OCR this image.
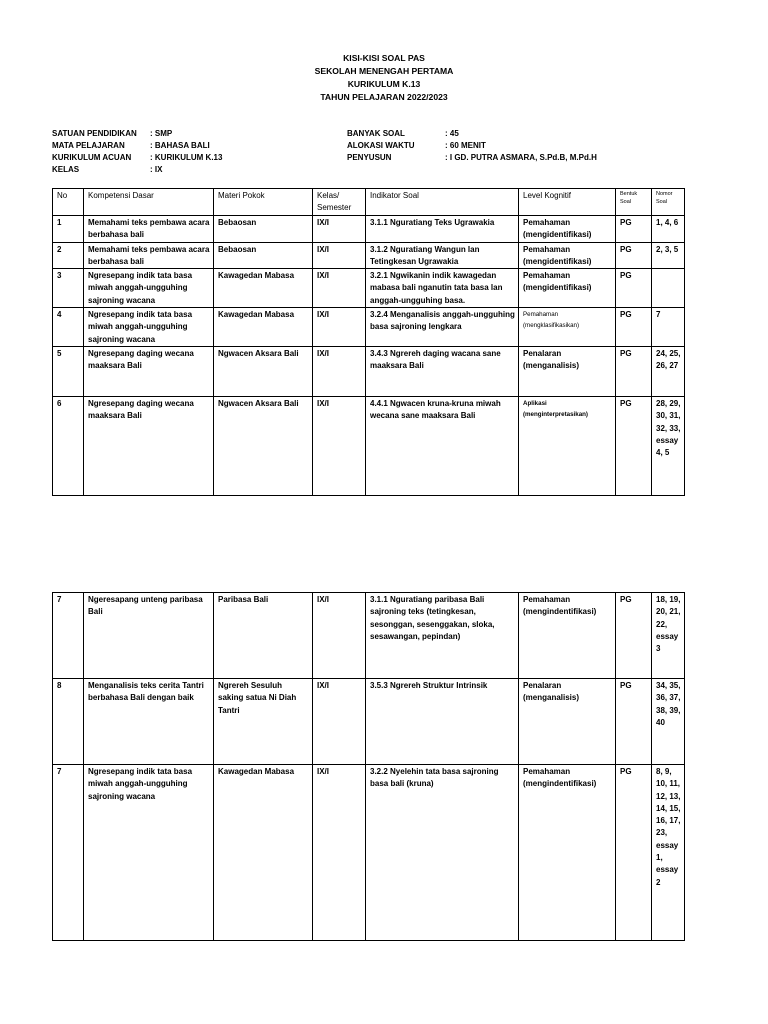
KISI-KISI SOAL PAS
SEKOLAH MENENGAH PERTAMA
KURIKULUM K.13
TAHUN PELAJARAN 2022/2023
SATUAN PENDIDIKAN : SMP
MATA PELAJARAN	: BAHASA BALI
KURIKULUM ACUAN : KURIKULUM K.13
KELAS	: IX
BANYAK SOAL	: 45
ALOKASI WAKTU	: 60 MENIT
PENYUSUN	: I GD. PUTRA ASMARA, S.Pd.B, M.Pd.H
No	Kompetensi Dasar	Materi Pokok	Kelas/ Semester	Indikator Soal	Level Kognitif	Bentuk Soal	Nomor Soal
1	Memahami teks pembawa acara berbahasa bali	Bebaosan	IX/I	3.1.1 Nguratiang Teks Ugrawakia	Pemahaman (mengidentifikasi)	PG	1, 4, 6
2	Memahami teks pembawa acara berbahasa bali	Bebaosan	IX/I	3.1.2 Nguratiang Wangun lan Tetingkesan Ugrawakia	Pemahaman (mengidentifikasi)	PG	2, 3, 5
3	Ngresepang indik tata basa miwah anggah-ungguhing sajroning wacana	Kawagedan Mabasa	IX/I	3.2.1 Ngwikanin indik kawagedan mabasa bali nganutin tata basa lan anggah-ungguhing basa.	Pemahaman (mengidentifikasi)	PG	
4	Ngresepang indik tata basa miwah anggah-ungguhing sajroning wacana	Kawagedan Mabasa	IX/I	3.2.4 Menganalisis anggah-ungguhing basa sajroning lengkara	Pemahaman (mengklasifikasikan)	PG	7
5	Ngresepang daging wecana maaksara Bali	Ngwacen Aksara Bali	IX/I	3.4.3 Ngrereh daging wacana sane maaksara Bali	Penalaran (menganalisis)	PG	24, 25, 26, 27
6	Ngresepang daging wecana maaksara Bali	Ngwacen Aksara Bali	IX/I	4.4.1 Ngwacen kruna-kruna miwah wecana sane maaksara Bali	Aplikasi (menginterpretasikan)	PG	28, 29, 30, 31, 32, 33, essay 4, 5
7	Ngeresapang unteng paribasa Bali	Paribasa Bali	IX/I	3.1.1 Nguratiang paribasa Bali sajroning teks (tetingkesan, sesonggan, sesenggakan, sloka, sesawangan, pepindan)	Pemahaman (mengindentifikasi)	PG	18, 19, 20, 21, 22, essay 3
8	Menganalisis teks cerita Tantri berbahasa Bali dengan baik	Ngrereh Sesuluh saking satua Ni Diah Tantri	IX/I	3.5.3 Ngrereh Struktur Intrinsik	Penalaran (menganalisis)	PG	34, 35, 36, 37, 38, 39, 40
7	Ngresepang indik tata basa miwah anggah-ungguhing sajroning wacana	Kawagedan Mabasa	IX/I	3.2.2 Nyelehin tata basa sajroning basa bali (kruna)	Pemahaman (mengindentifikasi)	PG	8, 9, 10, 11, 12, 13, 14, 15, 16, 17, 23, essay 1, essay 2
